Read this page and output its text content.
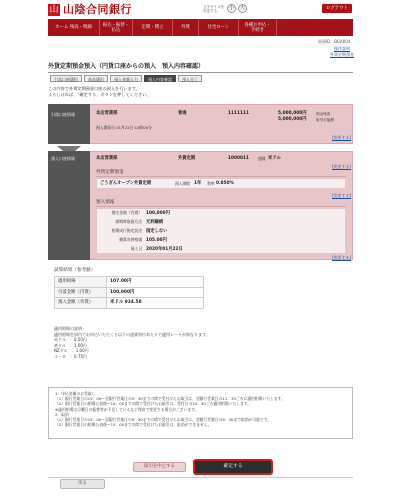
山 山陰合同銀行	文字サイズを変更する
小	大	ログアウト
ホーム 残高・明細	振込・振替・
払込	定期・積立	外貨	住宅ローン	各種お申込・
手続き
画面ID：BGA004
操作説明
外貨定期預金
外貨定期預金預入（円貨口座からの預入　預入内容確認）
引落口座選択	商品選択	預入金額入力	預入内容確認	預入完了
この内容で外貨定期預金口座の預入を行います。
よろしければ、「確定する」ボタンを押してください。
引落口座情報	本店営業部	普通	1111111	5,000,000円	預金残高
5,000,000円	取引可能額
預入開始日 01月22日 10時00分
[変更する]
預入口座情報	本店営業部	外貨定期	1000011 通貨 米ドル
[変更する]
外貨定期預金
ごうぎんオープン外貨定期	預入期間 1年 利率 0.850%
[変更する]
預入情報
指定金額（円貨） 100,000円
満期時取扱方法 元利継続
相場成行指定設定 指定しない
概算為替相場 105.00円
預入日 2020年01月22日
[変更する]
試算結果（参考値）
適用相場	107.00円
引落金額（円貨）	100,000円
預入金額（外貨）	米ドル 934.58
適用相場の説明
適用相場を国内でお申込いただくと以下の通貨単位あたりで適用レートが異なります。
米ドル　：0.50円
豪ドル　：1.00円
NZドル　：1.00円
ユーロ　：0.75円
1．申込金額のお受取し
（1）銀行営業日の15：00～翌銀行営業日の9：30までの間で受付けたお取引は、翌銀行営業日の11：30ごろに適用相場いたします。
（2）銀行営業日の相場公表後～15：00までの間で受付けたお取引は、受付日の15：30ごろ適用相場いたします。
※適用相場は日曜日の振替等が不足しているなど理由で変更する場合がございます。
2．取消
（1）銀行営業日の15：00～翌銀行営業日の9：30までの間で受付けたお取引は、翌銀行営業日の9：30まで取消が可能です。
（2）銀行営業日の相場公表後～15：00までの間で受付けたお取引は、取消ができません。
取引を中止する	確定する
戻る
